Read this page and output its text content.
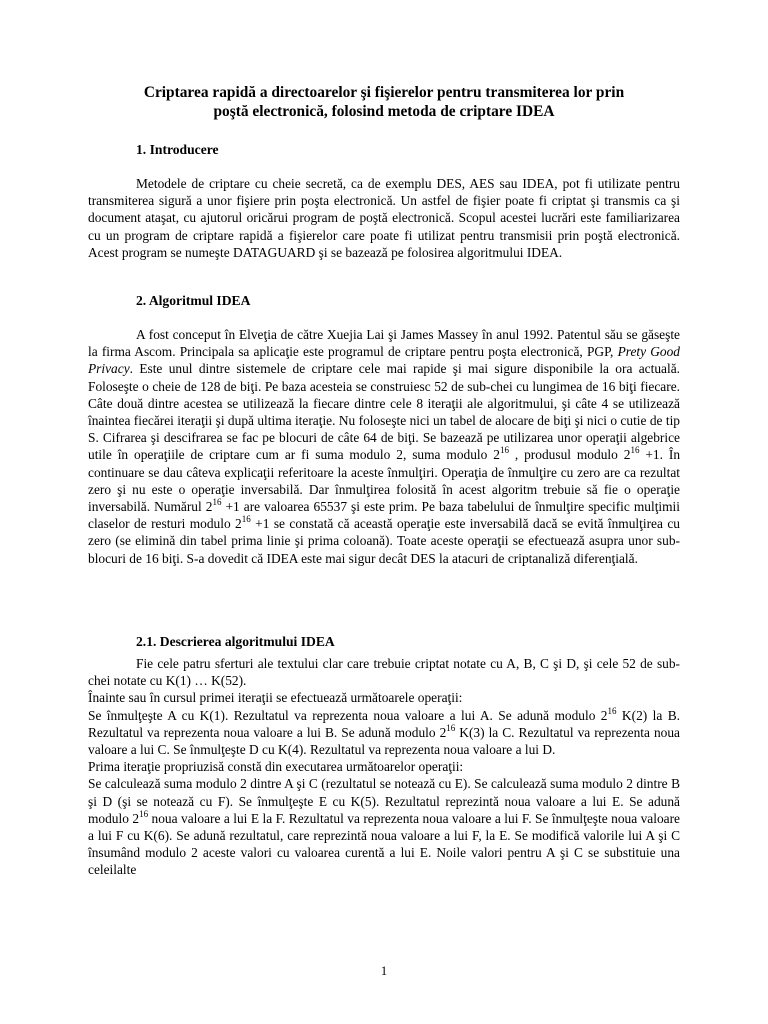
Criptarea rapidă a directoarelor şi fişierelor pentru transmiterea lor prin
poştă electronică, folosind metoda de criptare IDEA
1. Introducere
Metodele de criptare cu cheie secretă, ca de exemplu DES, AES sau IDEA, pot fi utilizate pentru transmiterea sigură a unor fişiere prin poşta electronică. Un astfel de fişier poate fi criptat şi transmis ca şi document ataşat, cu ajutorul oricărui program de poştă electronică. Scopul acestei lucrări este familiarizarea cu un program de criptare rapidă a fişierelor care poate fi utilizat pentru transmisii prin poştă electronică. Acest program se numeşte DATAGUARD şi se bazează pe folosirea algoritmului IDEA.
2. Algoritmul IDEA
A fost conceput în Elveţia de către Xuejia Lai şi James Massey în anul 1992. Patentul său se găseşte la firma Ascom. Principala sa aplicaţie este programul de criptare pentru poşta electronică, PGP, Prety Good Privacy. Este unul dintre sistemele de criptare cele mai rapide şi mai sigure disponibile la ora actuală. Foloseşte o cheie de 128 de biţi. Pe baza acesteia se construiesc 52 de sub-chei cu lungimea de 16 biţi fiecare. Câte două dintre acestea se utilizează la fiecare dintre cele 8 iteraţii ale algoritmului, şi câte 4 se utilizează înaintea fiecărei iteraţii şi după ultima iteraţie. Nu foloseşte nici un tabel de alocare de biţi şi nici o cutie de tip S. Cifrarea şi descifrarea se fac pe blocuri de câte 64 de biţi. Se bazează pe utilizarea unor operaţii algebrice utile în operaţiile de criptare cum ar fi suma modulo 2, suma modulo $2^{16}$ , produsul modulo $2^{16} +1$. În continuare se dau câteva explicaţii referitoare la aceste înmulţiri. Operaţia de înmulţire cu zero are ca rezultat zero şi nu este o operaţie inversabilă. Dar înmulţirea folosită în acest algoritm trebuie să fie o operaţie inversabilă. Numărul $2^{16} +1$ are valoarea 65537 şi este prim. Pe baza tabelului de înmulţire specific mulţimii claselor de resturi modulo $2^{16} +1$ se constată că această operaţie este inversabilă dacă se evită înmulţirea cu zero (se elimină din tabel prima linie şi prima coloană). Toate aceste operaţii se efectuează asupra unor sub-blocuri de 16 biţi. S-a dovedit că IDEA este mai sigur decât DES la atacuri de criptanaliză diferenţială.
2.1. Descrierea algoritmului IDEA
Fie cele patru sferturi ale textului clar care trebuie criptat notate cu A, B, C şi D, şi cele 52 de sub-chei notate cu K(1) … K(52).
Înainte sau în cursul primei iteraţii se efectuează următoarele operaţii:
Se înmulţeşte A cu K(1). Rezultatul va reprezenta noua valoare a lui A. Se adună modulo $2^{16}$ K(2) la B. Rezultatul va reprezenta noua valoare a lui B. Se adună modulo $2^{16}$ K(3) la C. Rezultatul va reprezenta noua valoare a lui C. Se înmulţeşte D cu K(4). Rezultatul va reprezenta noua valoare a lui D.
Prima iteraţie propriuzisă constă din executarea următoarelor operaţii:
Se calculează suma modulo 2 dintre A şi C (rezultatul se notează cu E). Se calculează suma modulo 2 dintre B şi D (şi se notează cu F). Se înmulţeşte E cu K(5). Rezultatul reprezintă noua valoare a lui E. Se adună modulo $2^{16}$ noua valoare a lui E la F. Rezultatul va reprezenta noua valoare a lui F. Se înmulţeşte noua valoare a lui F cu K(6). Se adună rezultatul, care reprezintă noua valoare a lui F, la E. Se modifică valorile lui A şi C însumând modulo 2 aceste valori cu valoarea curentă a lui E. Noile valori pentru A şi C se substituie una celeilalte
1
